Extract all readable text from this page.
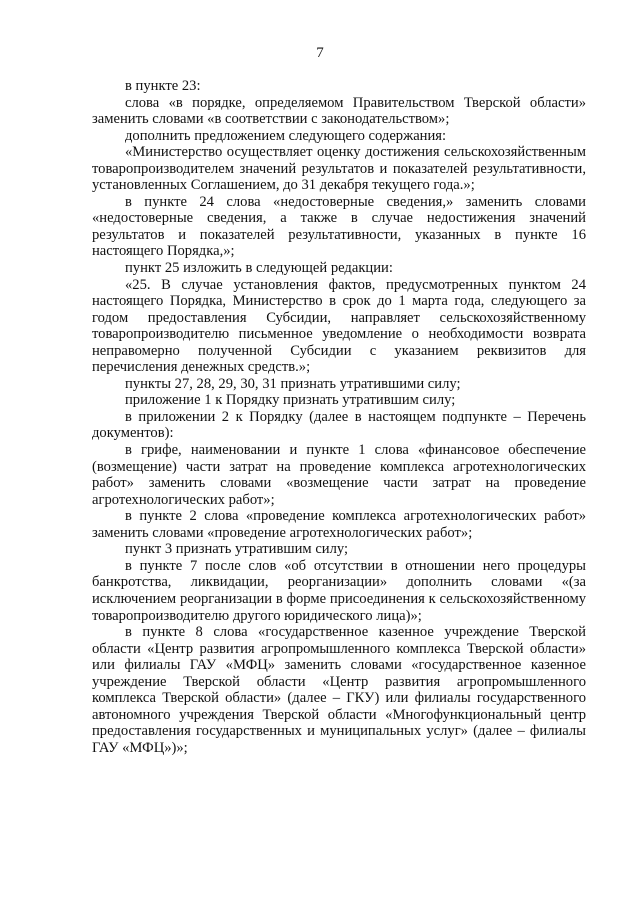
7

в пункте 23:

слова «в порядке, определяемом Правительством Тверской области» заменить словами «в соответствии с законодательством»;

дополнить предложением следующего содержания:

«Министерство осуществляет оценку достижения сельскохозяйственным товаропроизводителем значений результатов и показателей результативности, установленных Соглашением, до 31 декабря текущего года.»;

в пункте 24 слова «недостоверные сведения,» заменить словами «недостоверные сведения, а также в случае недостижения значений результатов и показателей результативности, указанных в пункте 16 настоящего Порядка,»;

пункт 25 изложить в следующей редакции:

«25. В случае установления фактов, предусмотренных пунктом 24 настоящего Порядка, Министерство в срок до 1 марта года, следующего за годом предоставления Субсидии, направляет сельскохозяйственному товаропроизводителю письменное уведомление о необходимости возврата неправомерно полученной Субсидии с указанием реквизитов для перечисления денежных средств.»;

пункты 27, 28, 29, 30, 31 признать утратившими силу;

приложение 1 к Порядку признать утратившим силу;

в приложении 2 к Порядку (далее в настоящем подпункте – Перечень документов):

в грифе, наименовании и пункте 1 слова «финансовое обеспечение (возмещение) части затрат на проведение комплекса агротехнологических работ» заменить словами «возмещение части затрат на проведение агротехнологических работ»;

в пункте 2 слова «проведение комплекса агротехнологических работ» заменить словами «проведение агротехнологических работ»;

пункт 3 признать утратившим силу;

в пункте 7 после слов «об отсутствии в отношении него процедуры банкротства, ликвидации, реорганизации» дополнить словами «(за исключением реорганизации в форме присоединения к сельскохозяйственному товаропроизводителю другого юридического лица)»;

в пункте 8 слова «государственное казенное учреждение Тверской области «Центр развития агропромышленного комплекса Тверской области» или филиалы ГАУ «МФЦ» заменить словами «государственное казенное учреждение Тверской области «Центр развития агропромышленного комплекса Тверской области» (далее – ГКУ) или филиалы государственного автономного учреждения Тверской области «Многофункциональный центр предоставления государственных и муниципальных услуг» (далее – филиалы ГАУ «МФЦ»)»;
